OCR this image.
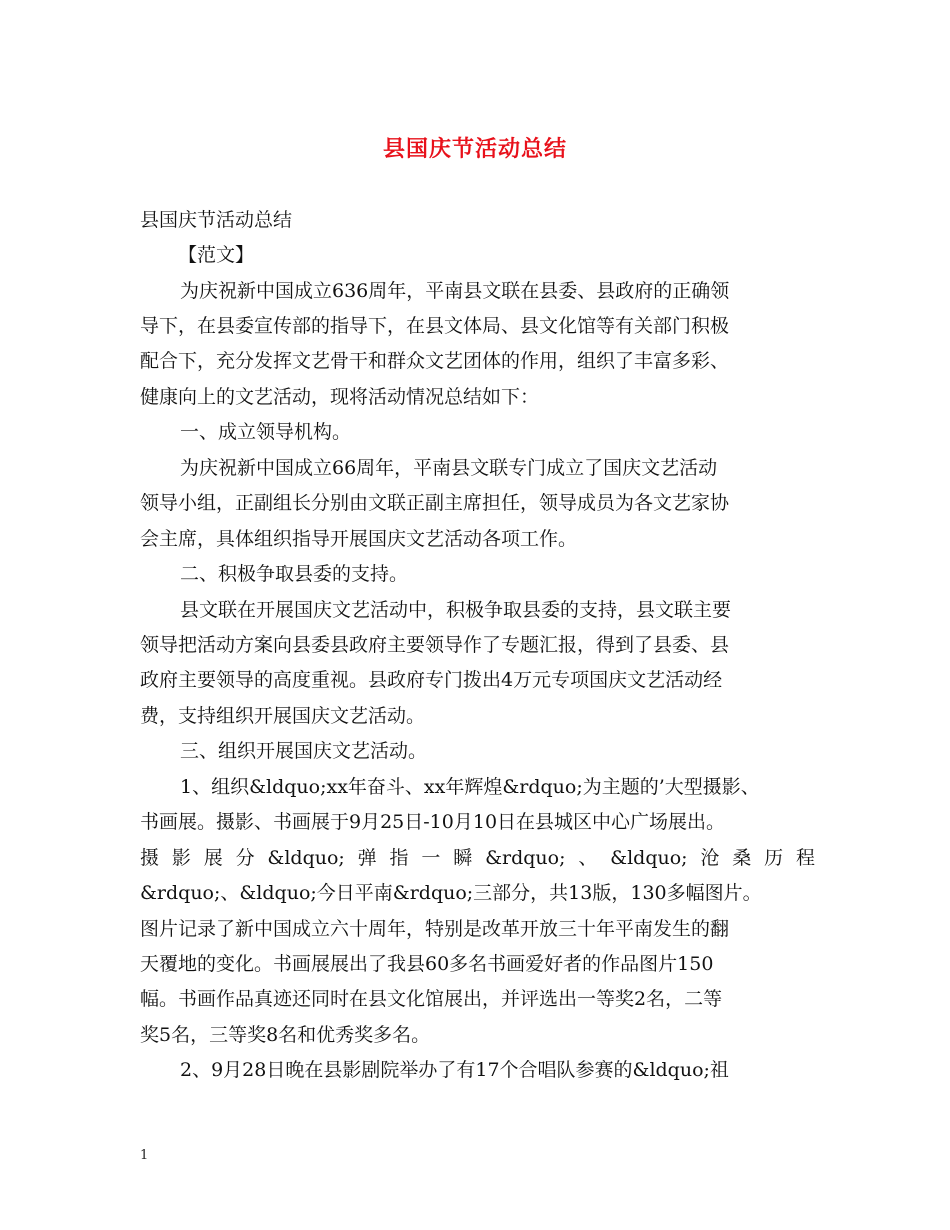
县国庆节活动总结
县国庆节活动总结
【范文】
为庆祝新中国成立636周年，平南县文联在县委、县政府的正确领
导下，在县委宣传部的指导下，在县文体局、县文化馆等有关部门积极
配合下，充分发挥文艺骨干和群众文艺团体的作用，组织了丰富多彩、
健康向上的文艺活动，现将活动情况总结如下：
一、成立领导机构。
为庆祝新中国成立66周年，平南县文联专门成立了国庆文艺活动
领导小组，正副组长分别由文联正副主席担任，领导成员为各文艺家协
会主席，具体组织指导开展国庆文艺活动各项工作。
二、积极争取县委的支持。
县文联在开展国庆文艺活动中，积极争取县委的支持，县文联主要
领导把活动方案向县委县政府主要领导作了专题汇报，得到了县委、县
政府主要领导的高度重视。县政府专门拨出4万元专项国庆文艺活动经
费，支持组织开展国庆文艺活动。
三、组织开展国庆文艺活动。
1、组织&ldquo;xx年奋斗、xx年辉煌&rdquo;为主题的’大型摄影、
书画展。摄影、书画展于9月25日-10月10日在县城区中心广场展出。
摄影展分&ldquo;弹指一瞬&rdquo;、&ldquo;沧桑历程
&rdquo;、&ldquo;今日平南&rdquo;三部分，共13版，130多幅图片。
图片记录了新中国成立六十周年，特别是改革开放三十年平南发生的翻
天覆地的变化。书画展展出了我县60多名书画爱好者的作品图片150
幅。书画作品真迹还同时在县文化馆展出，并评选出一等奖2名，二等
奖5名，三等奖8名和优秀奖多名。
2、9月28日晚在县影剧院举办了有17个合唱队参赛的&ldquo;祖
1
